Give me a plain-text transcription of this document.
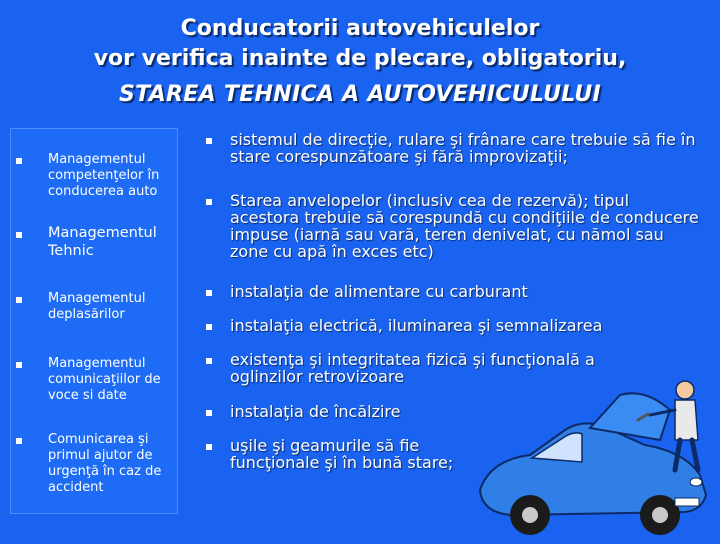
Conducatorii autovehiculelor
vor verifica inainte de plecare, obligatoriu,
STAREA TEHNICA A AUTOVEHICULULUI
Managementul competenţelor în conducerea auto
Managementul Tehnic
Managementul deplasărilor
Managementul comunicaţiilor de voce si date
Comunicarea şi primul ajutor de urgenţă în caz de accident
sistemul de direcţie, rulare şi frânare care trebuie să fie în stare corespunzătoare şi fără improvizaţii;
Starea anvelopelor (inclusiv cea de rezervă); tipul acestora trebuie să corespundă cu condiţiile de conducere impuse (iarnă sau vară, teren denivelat, cu nămol sau zone cu apă în exces etc)
instalaţia de alimentare cu carburant
instalaţia electrică, iluminarea şi semnalizarea
existenţa şi integritatea fizică şi funcţională a oglinzilor retrovizoare
instalaţia de încălzire
uşile şi geamurile să fie funcţionale şi în bună stare;
